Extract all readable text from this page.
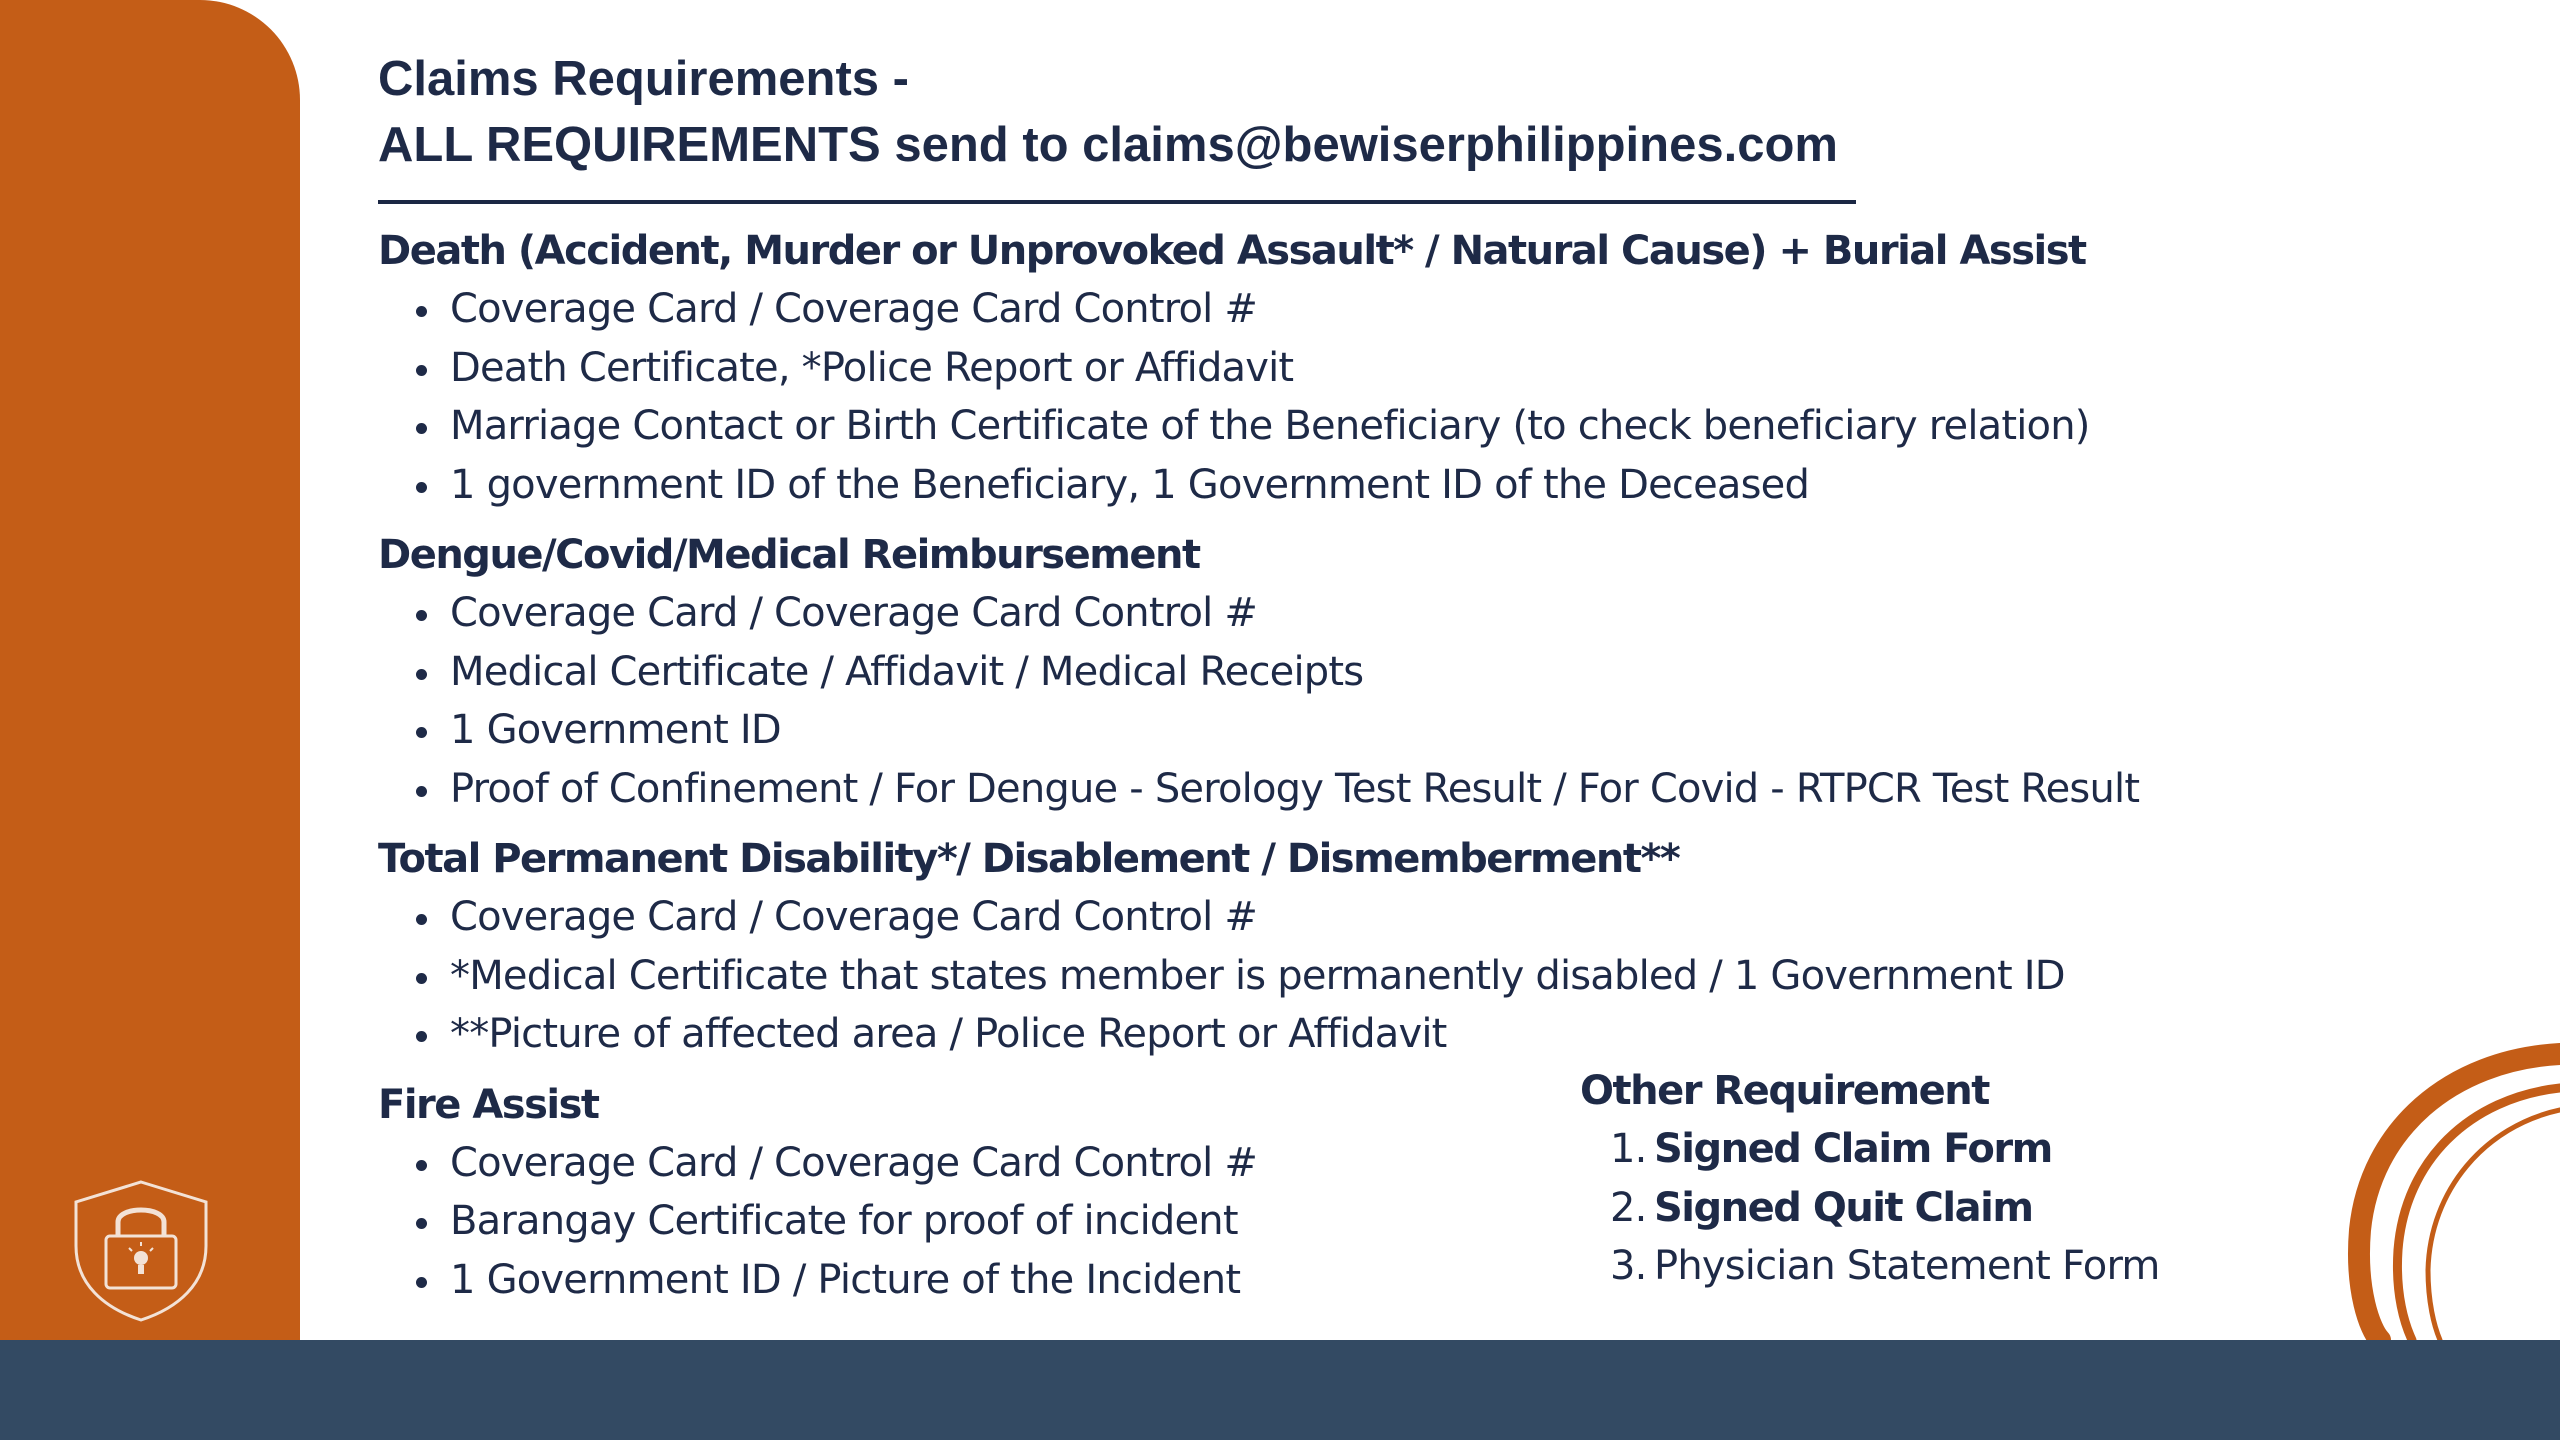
Claims Requirements -
ALL REQUIREMENTS send to claims@bewiserphilippines.com
Death (Accident, Murder or Unprovoked Assault* / Natural Cause) + Burial Assist
Coverage Card / Coverage Card Control #
Death Certificate, *Police Report or Affidavit
Marriage Contact or Birth Certificate of the Beneficiary (to check beneficiary relation)
1 government ID of the Beneficiary, 1 Government ID of the Deceased
Dengue/Covid/Medical Reimbursement
Coverage Card / Coverage Card Control #
Medical Certificate / Affidavit / Medical Receipts
1 Government ID
Proof of Confinement / For Dengue - Serology Test Result / For Covid - RTPCR Test Result
Total Permanent Disability*/ Disablement / Dismemberment**
Coverage Card / Coverage Card Control #
*Medical Certificate that states member is permanently disabled / 1 Government ID
**Picture of affected area / Police Report or Affidavit
Fire Assist
Coverage Card / Coverage Card Control #
Barangay Certificate for proof of incident
1 Government ID / Picture of the Incident
Other Requirement
1. Signed Claim Form
2. Signed Quit Claim
3. Physician Statement Form
